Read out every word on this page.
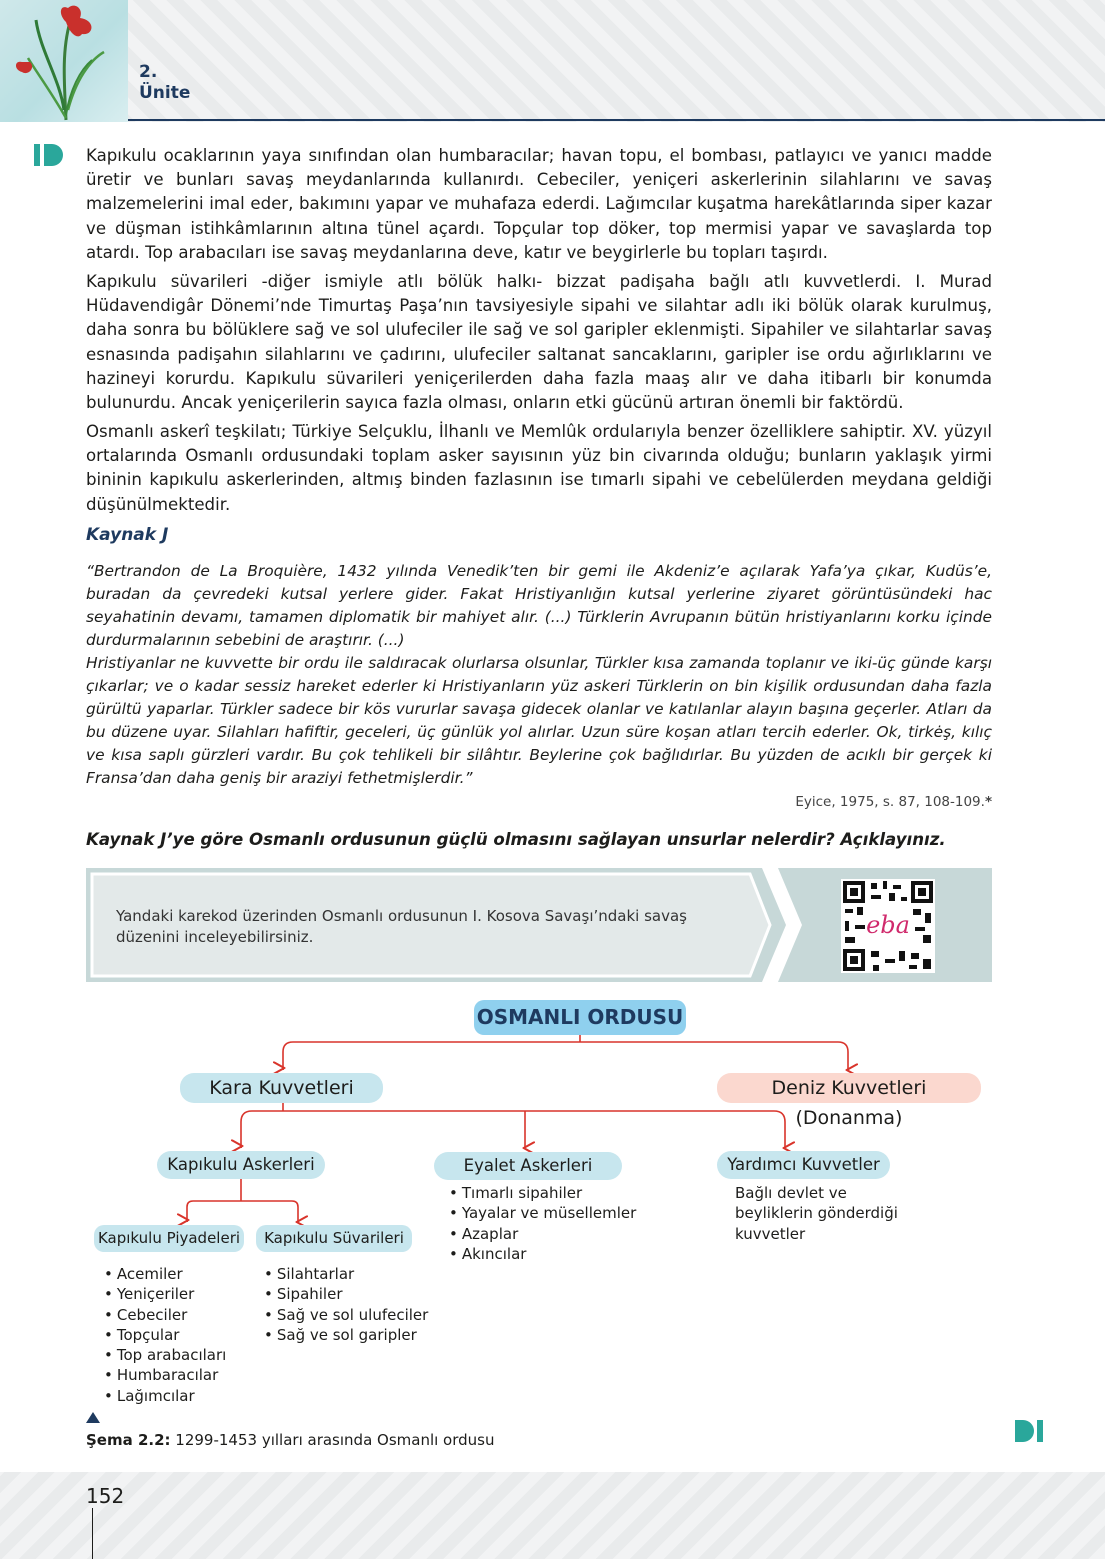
2.
Ünite

Kapıkulu ocaklarının yaya sınıfından olan humbaracılar; havan topu, el bombası, patlayıcı ve yanıcı madde üretir ve bunları savaş meydanlarında kullanırdı. Cebeciler, yeniçeri askerlerinin silahlarını ve savaş malzemelerini imal eder, bakımını yapar ve muhafaza ederdi. Lağımcılar kuşatma harekâtlarında siper kazar ve düşman istihkâmlarının altına tünel açardı. Topçular top döker, top mermisi yapar ve savaşlarda top atardı. Top arabacıları ise savaş meydanlarına deve, katır ve beygirlerle bu topları taşırdı.

Kapıkulu süvarileri -diğer ismiyle atlı bölük halkı- bizzat padişaha bağlı atlı kuvvetlerdi. I. Murad Hüdavendigâr Dönemi’nde Timurtaş Paşa’nın tavsiyesiyle sipahi ve silahtar adlı iki bölük olarak kurulmuş, daha sonra bu bölüklere sağ ve sol ulufeciler ile sağ ve sol garipler eklenmişti. Sipahiler ve silahtarlar savaş esnasında padişahın silahlarını ve çadırını, ulufeciler saltanat sancaklarını, garipler ise ordu ağırlıklarını ve hazineyi korurdu. Kapıkulu süvarileri yeniçerilerden daha fazla maaş alır ve daha itibarlı bir konumda bulunurdu. Ancak yeniçerilerin sayıca fazla olması, onların etki gücünü artıran önemli bir faktördü.

Osmanlı askerî teşkilatı; Türkiye Selçuklu, İlhanlı ve Memlûk ordularıyla benzer özelliklere sahiptir. XV. yüzyıl ortalarında Osmanlı ordusundaki toplam asker sayısının yüz bin civarında olduğu; bunların yaklaşık yirmi bininin kapıkulu askerlerinden, altmış binden fazlasının ise tımarlı sipahi ve cebelülerden meydana geldiği düşünülmektedir.

Kaynak J

“Bertrandon de La Broquière, 1432 yılında Venedik’ten bir gemi ile Akdeniz’e açılarak Yafa’ya çıkar, Kudüs’e, buradan da çevredeki kutsal yerlere gider. Fakat Hristiyanlığın kutsal yerlerine ziyaret görüntüsündeki hac seyahatinin devamı, tamamen diplomatik bir mahiyet alır. (...) Türklerin Avrupanın bütün hristiyanlarını korku içinde durdurmalarının sebebini de araştırır. (...)

Hristiyanlar ne kuvvette bir ordu ile saldıracak olurlarsa olsunlar, Türkler kısa zamanda toplanır ve iki-üç günde karşı çıkarlar; ve o kadar sessiz hareket ederler ki Hristiyanların yüz askeri Türklerin on bin kişilik ordusundan daha fazla gürültü yaparlar. Türkler sadece bir kös vururlar savaşa gidecek olanlar ve katılanlar alayın başına geçerler. Atları da bu düzene uyar. Silahları hafiftir, geceleri, üç günlük yol alırlar. Uzun süre koşan atları tercih ederler. Ok, tirkėş, kılıç ve kısa saplı gürzleri vardır. Bu çok tehlikeli bir silâhtır. Beylerine çok bağlıdırlar. Bu yüzden de acıklı bir gerçek ki Fransa’dan daha geniş bir araziyi fethetmişlerdir.”

Eyice, 1975, s. 87, 108-109.*
Kaynak J’ye göre Osmanlı ordusunun güçlü olmasını sağlayan unsurlar nelerdir? Açıklayınız.
Yandaki karekod üzerinden Osmanlı ordusunun I. Kosova Savaşı’ndaki savaş düzenini inceleyebilirsiniz.	eba
OSMANLI ORDUSU
Kara Kuvvetleri	Deniz Kuvvetleri (Donanma)
Kapıkulu Askerleri	Eyalet Askerleri	Yardımcı Kuvvetler
Kapıkulu Piyadeleri	Kapıkulu Süvarileri
• Acemiler
• Yeniçeriler
• Cebeciler
• Topçular
• Top arabacıları
• Humbaracılar
• Lağımcılar
• Silahtarlar
• Sipahiler
• Sağ ve sol ulufeciler
• Sağ ve sol garipler
• Tımarlı sipahiler
• Yayalar ve müsellemler
• Azaplar
• Akıncılar
Bağlı devlet ve beyliklerin gönderdiği kuvvetler
Şema 2.2: 1299-1453 yılları arasında Osmanlı ordusu
152
